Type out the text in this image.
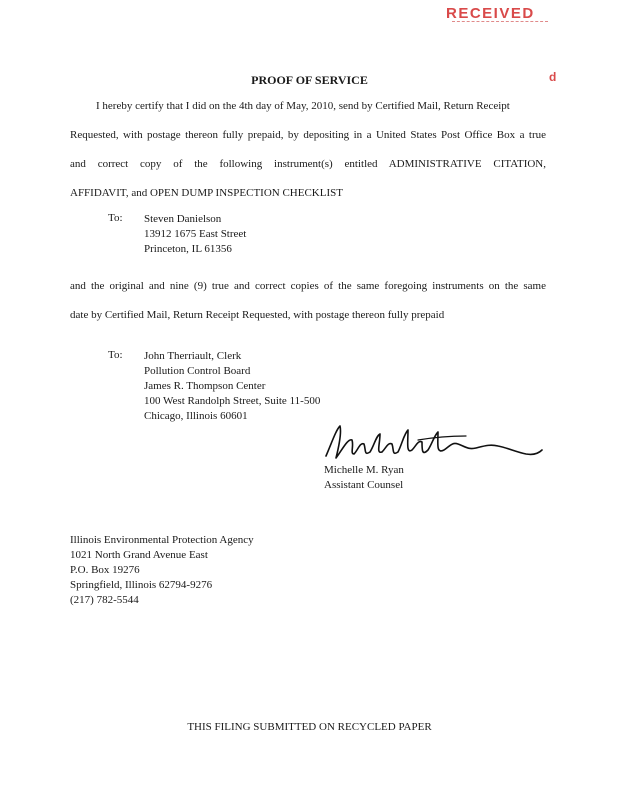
RECEIVED
d
PROOF OF SERVICE
I hereby certify that I did on the 4th day of May, 2010, send by Certified Mail, Return Receipt
Requested, with postage thereon fully prepaid, by depositing in a United States Post Office Box a true
and correct copy of the following instrument(s) entitled ADMINISTRATIVE CITATION,
AFFIDAVIT, and OPEN DUMP INSPECTION CHECKLIST
To: Steven Danielson
13912 1675 East Street
Princeton, IL 61356
and the original and nine (9) true and correct copies of the same foregoing instruments on the same
date by Certified Mail, Return Receipt Requested, with postage thereon fully prepaid
To: John Therriault, Clerk
Pollution Control Board
James R. Thompson Center
100 West Randolph Street, Suite 11-500
Chicago, Illinois 60601
Michelle M. Ryan
Assistant Counsel
Illinois Environmental Protection Agency
1021 North Grand Avenue East
P.O. Box 19276
Springfield, Illinois 62794-9276
(217) 782-5544
THIS FILING SUBMITTED ON RECYCLED PAPER
